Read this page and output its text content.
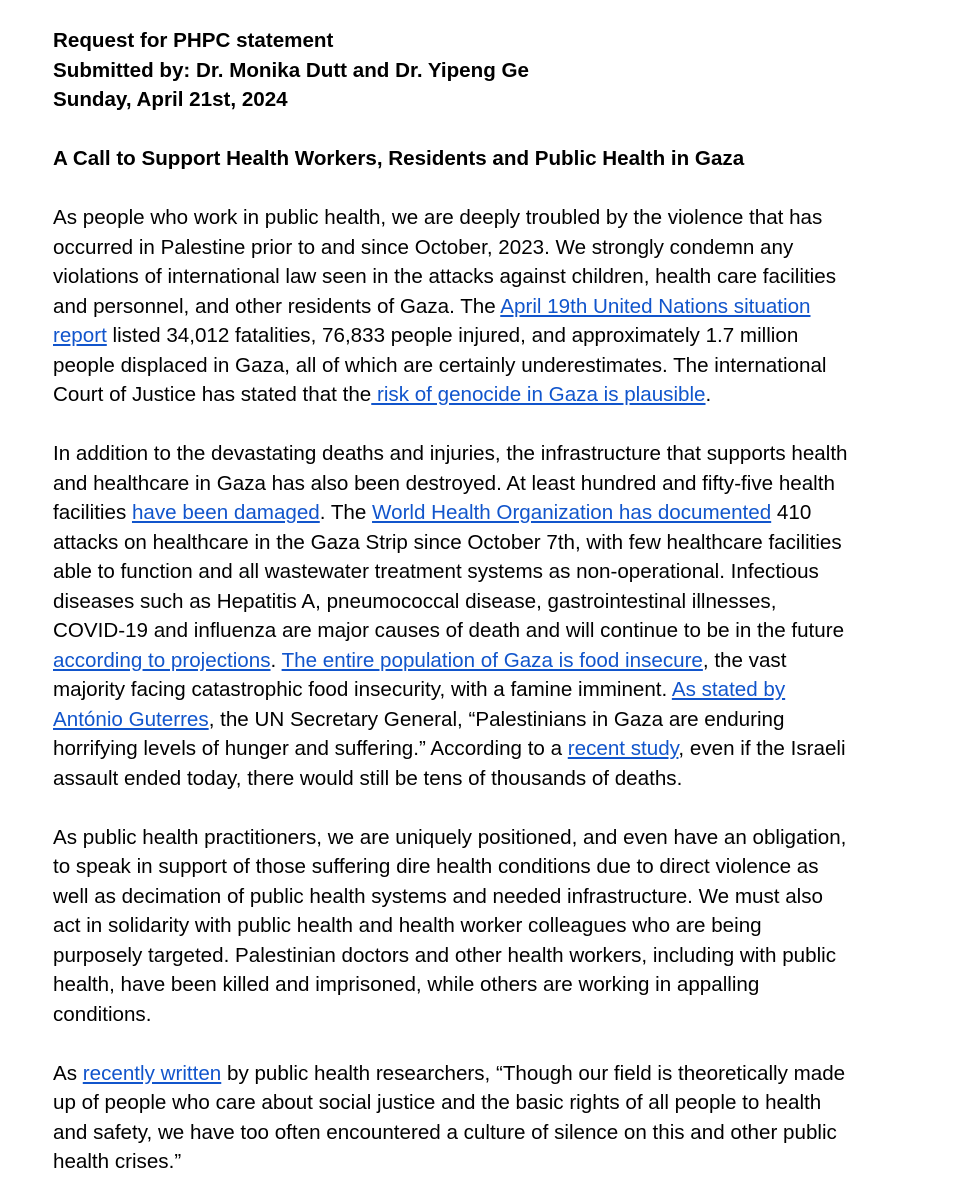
Request for PHPC statement

Submitted by: Dr. Monika Dutt and Dr. Yipeng Ge

Sunday, April 21st, 2024

A Call to Support Health Workers, Residents and Public Health in Gaza

As people who work in public health, we are deeply troubled by the violence that has
occurred in Palestine prior to and since October, 2023. We strongly condemn any
violations of international law seen in the attacks against children, health care facilities
and personnel, and other residents of Gaza. The April 19th United Nations situation
report listed 34,012 fatalities, 76,833 people injured, and approximately 1.7 million
people displaced in Gaza, all of which are certainly underestimates. The international
Court of Justice has stated that the risk of genocide in Gaza is plausible.
In addition to the devastating deaths and injuries, the infrastructure that supports health
and healthcare in Gaza has also been destroyed. At least hundred and fifty-five health
facilities have been damaged. The World Health Organization has documented 410
attacks on healthcare in the Gaza Strip since October 7th, with few healthcare facilities
able to function and all wastewater treatment systems as non-operational. Infectious
diseases such as Hepatitis A, pneumococcal disease, gastrointestinal illnesses,
COVID-19 and influenza are major causes of death and will continue to be in the future
according to projections. The entire population of Gaza is food insecure, the vast
majority facing catastrophic food insecurity, with a famine imminent. As stated by
António Guterres, the UN Secretary General, “Palestinians in Gaza are enduring
horrifying levels of hunger and suffering.” According to a recent study, even if the Israeli
assault ended today, there would still be tens of thousands of deaths.
As public health practitioners, we are uniquely positioned, and even have an obligation,
to speak in support of those suffering dire health conditions due to direct violence as
well as decimation of public health systems and needed infrastructure. We must also
act in solidarity with public health and health worker colleagues who are being
purposely targeted. Palestinian doctors and other health workers, including with public
health, have been killed and imprisoned, while others are working in appalling
conditions.
As recently written by public health researchers, “Though our field is theoretically made
up of people who care about social justice and the basic rights of all people to health
and safety, we have too often encountered a culture of silence on this and other public
health crises.”
